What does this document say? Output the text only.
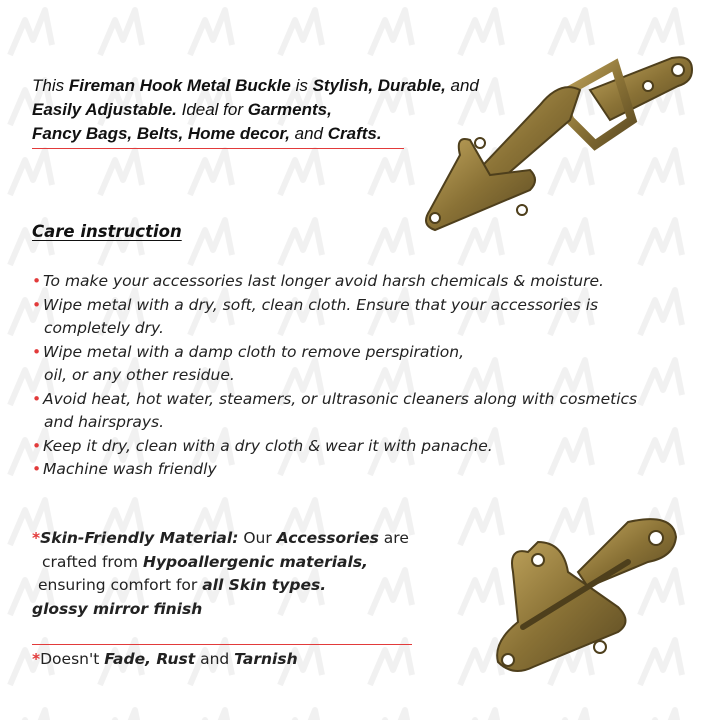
This Fireman Hook Metal Buckle is Stylish, Durable, and
Easily Adjustable. Ideal for Garments,
Fancy Bags, Belts, Home decor, and Crafts.
Care instruction
• To make your accessories last longer avoid harsh chemicals & moisture.
• Wipe metal with a dry, soft, clean cloth. Ensure that your accessories is
completely dry.
• Wipe metal with a damp cloth to remove perspiration,
oil, or any other residue.
• Avoid heat, hot water, steamers, or ultrasonic cleaners along with cosmetics
and hairsprays.
• Keep it dry, clean with a dry cloth & wear it with panache.
• Machine wash friendly
*Skin-Friendly Material: Our Accessories are
crafted from Hypoallergenic materials,
ensuring comfort for all Skin types.
glossy mirror finish
*Doesn't Fade, Rust and Tarnish
